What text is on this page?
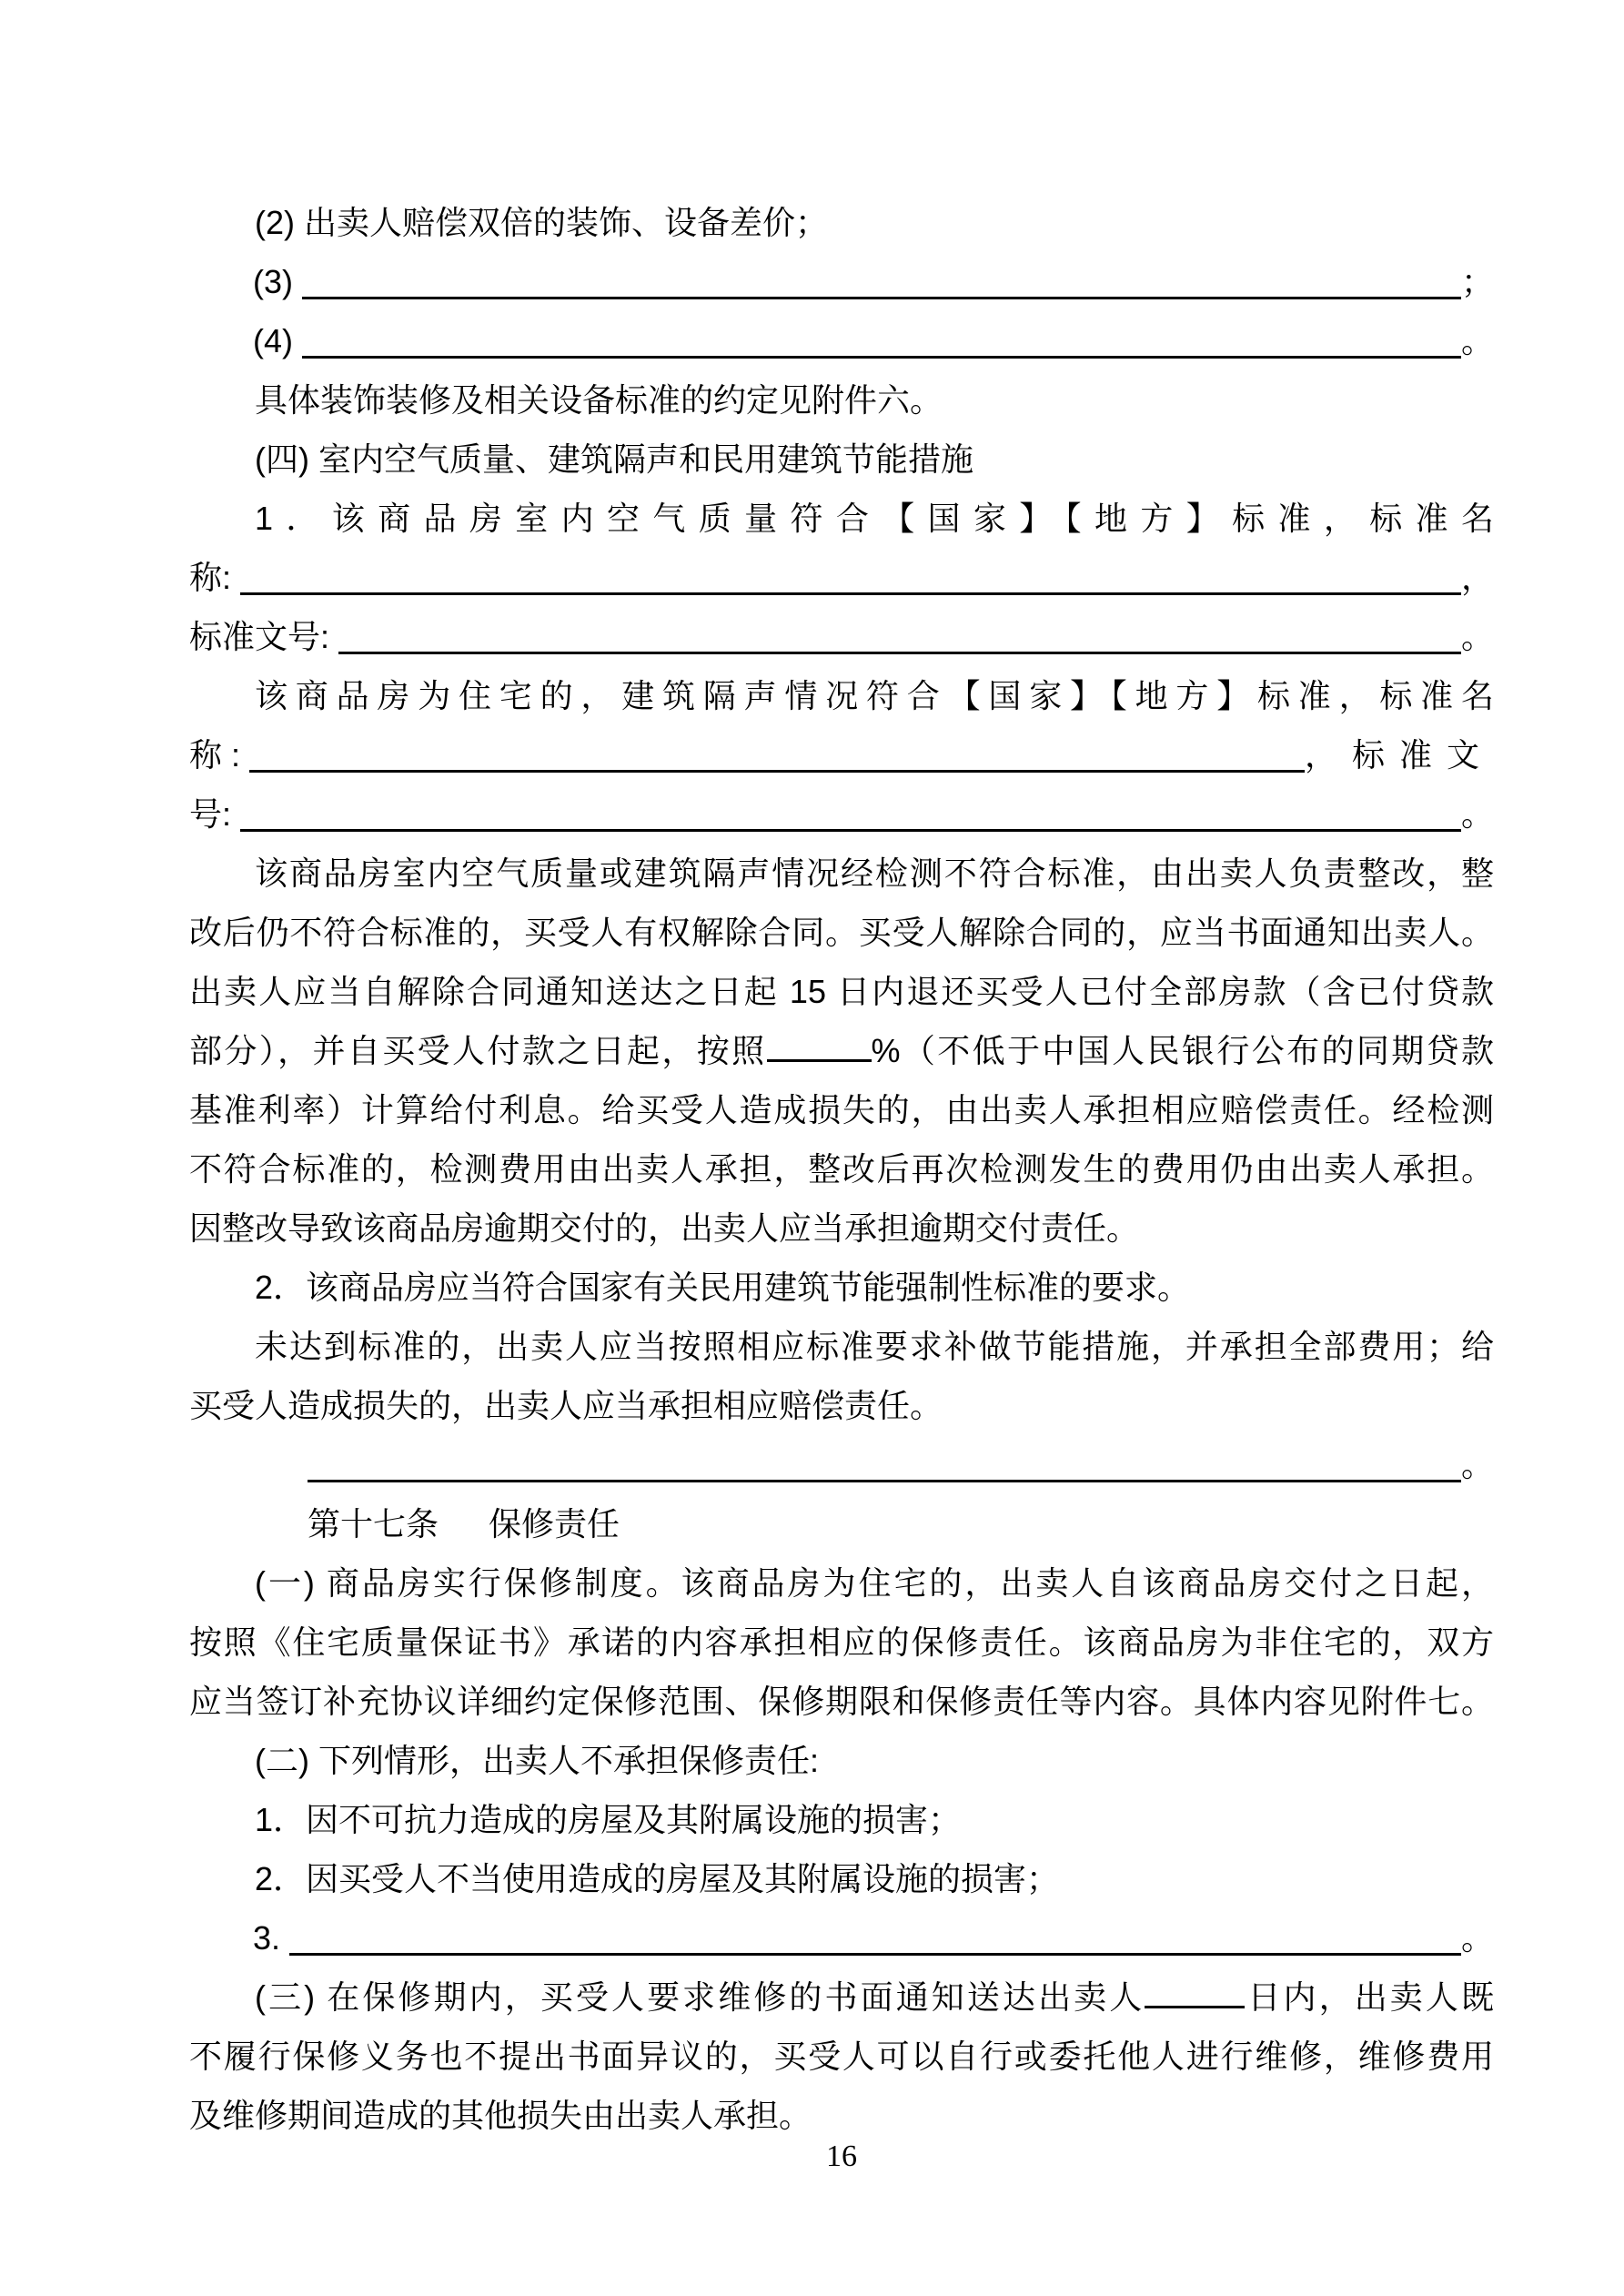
(2) 出卖人赔偿双倍的装饰、设备差价；
(3)	；
(4)	。
具体装饰装修及相关设备标准的约定见附件六。
(四) 室内空气质量、建筑隔声和民用建筑节能措施
1．该商品房室内空气质量符合【国家】【地方】标准，标准名
称:	，
标准文号:	。
该商品房为住宅的，建筑隔声情况符合【国家】【地方】标准，标准名
称 :	，标准文
号:	。
该商品房室内空气质量或建筑隔声情况经检测不符合标准，由出卖人负责整改，整
改后仍不符合标准的，买受人有权解除合同。买受人解除合同的，应当书面通知出卖人。
出卖人应当自解除合同通知送达之日起 15 日内退还买受人已付全部房款（含已付贷款
部分），并自买受人付款之日起，按照	%（不低于中国人民银行公布的同期贷款
基准利率）计算给付利息。给买受人造成损失的，由出卖人承担相应赔偿责任。经检测
不符合标准的，检测费用由出卖人承担，整改后再次检测发生的费用仍由出卖人承担。
因整改导致该商品房逾期交付的，出卖人应当承担逾期交付责任。
2．该商品房应当符合国家有关民用建筑节能强制性标准的要求。
未达到标准的，出卖人应当按照相应标准要求补做节能措施，并承担全部费用；给
买受人造成损失的，出卖人应当承担相应赔偿责任。
。
第十七条 保修责任
(一) 商品房实行保修制度。该商品房为住宅的，出卖人自该商品房交付之日起，
按照《住宅质量保证书》承诺的内容承担相应的保修责任。该商品房为非住宅的，双方
应当签订补充协议详细约定保修范围、保修期限和保修责任等内容。具体内容见附件七。
(二) 下列情形，出卖人不承担保修责任:
1．因不可抗力造成的房屋及其附属设施的损害；
2．因买受人不当使用造成的房屋及其附属设施的损害；
3.	。
(三) 在保修期内，买受人要求维修的书面通知送达出卖人	日内，出卖人既
不履行保修义务也不提出书面异议的，买受人可以自行或委托他人进行维修，维修费用
及维修期间造成的其他损失由出卖人承担。
16
